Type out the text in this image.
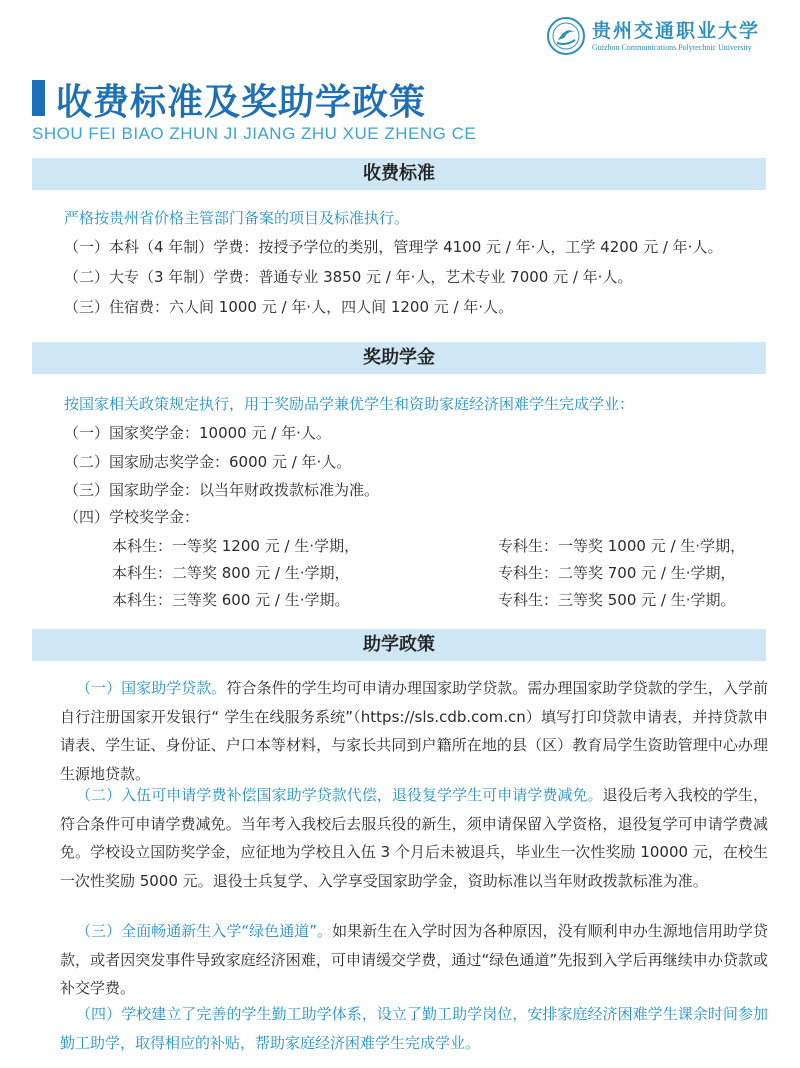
贵州交通职业大学
Guizhou Communications Polytechnic University
收费标准及奖助学政策
SHOU FEI BIAO ZHUN JI JIANG ZHU XUE ZHENG CE
收费标准
严格按贵州省价格主管部门备案的项目及标准执行。
（一）本科（4 年制）学费：按授予学位的类别，管理学 4100 元 / 年·人，工学 4200 元 / 年·人。
（二）大专（3 年制）学费：普通专业 3850 元 / 年·人，艺术专业 7000 元 / 年·人。
（三）住宿费：六人间 1000 元 / 年·人，四人间 1200 元 / 年·人。
奖助学金
按国家相关政策规定执行，用于奖励品学兼优学生和资助家庭经济困难学生完成学业：
（一）国家奖学金：10000 元 / 年·人。
（二）国家励志奖学金：6000 元 / 年·人。
（三）国家助学金：以当年财政拨款标准为准。
（四）学校奖学金：
本科生：一等奖 1200 元 / 生·学期，
本科生：二等奖 800 元 / 生·学期，
本科生：三等奖 600 元 / 生·学期。
专科生：一等奖 1000 元 / 生·学期，
专科生：二等奖 700 元 / 生·学期，
专科生：三等奖 500 元 / 生·学期。
助学政策
（一）国家助学贷款。符合条件的学生均可申请办理国家助学贷款。需办理国家助学贷款的学生，入学前自行注册国家开发银行“ 学生在线服务系统”（https://sls.cdb.com.cn）填写打印贷款申请表，并持贷款申请表、学生证、身份证、户口本等材料，与家长共同到户籍所在地的县（区）教育局学生资助管理中心办理生源地贷款。
（二）入伍可申请学费补偿国家助学贷款代偿，退役复学学生可申请学费减免。退役后考入我校的学生，符合条件可申请学费减免。当年考入我校后去服兵役的新生，须申请保留入学资格，退役复学可申请学费减免。学校设立国防奖学金，应征地为学校且入伍 3 个月后未被退兵，毕业生一次性奖励 10000 元，在校生一次性奖励 5000 元。退役士兵复学、入学享受国家助学金，资助标准以当年财政拨款标准为准。
（三）全面畅通新生入学“绿色通道”。如果新生在入学时因为各种原因，没有顺利申办生源地信用助学贷款，或者因突发事件导致家庭经济困难，可申请缓交学费，通过“绿色通道”先报到入学后再继续申办贷款或补交学费。
（四）学校建立了完善的学生勤工助学体系，设立了勤工助学岗位，安排家庭经济困难学生课余时间参加勤工助学，取得相应的补贴，帮助家庭经济困难学生完成学业。
